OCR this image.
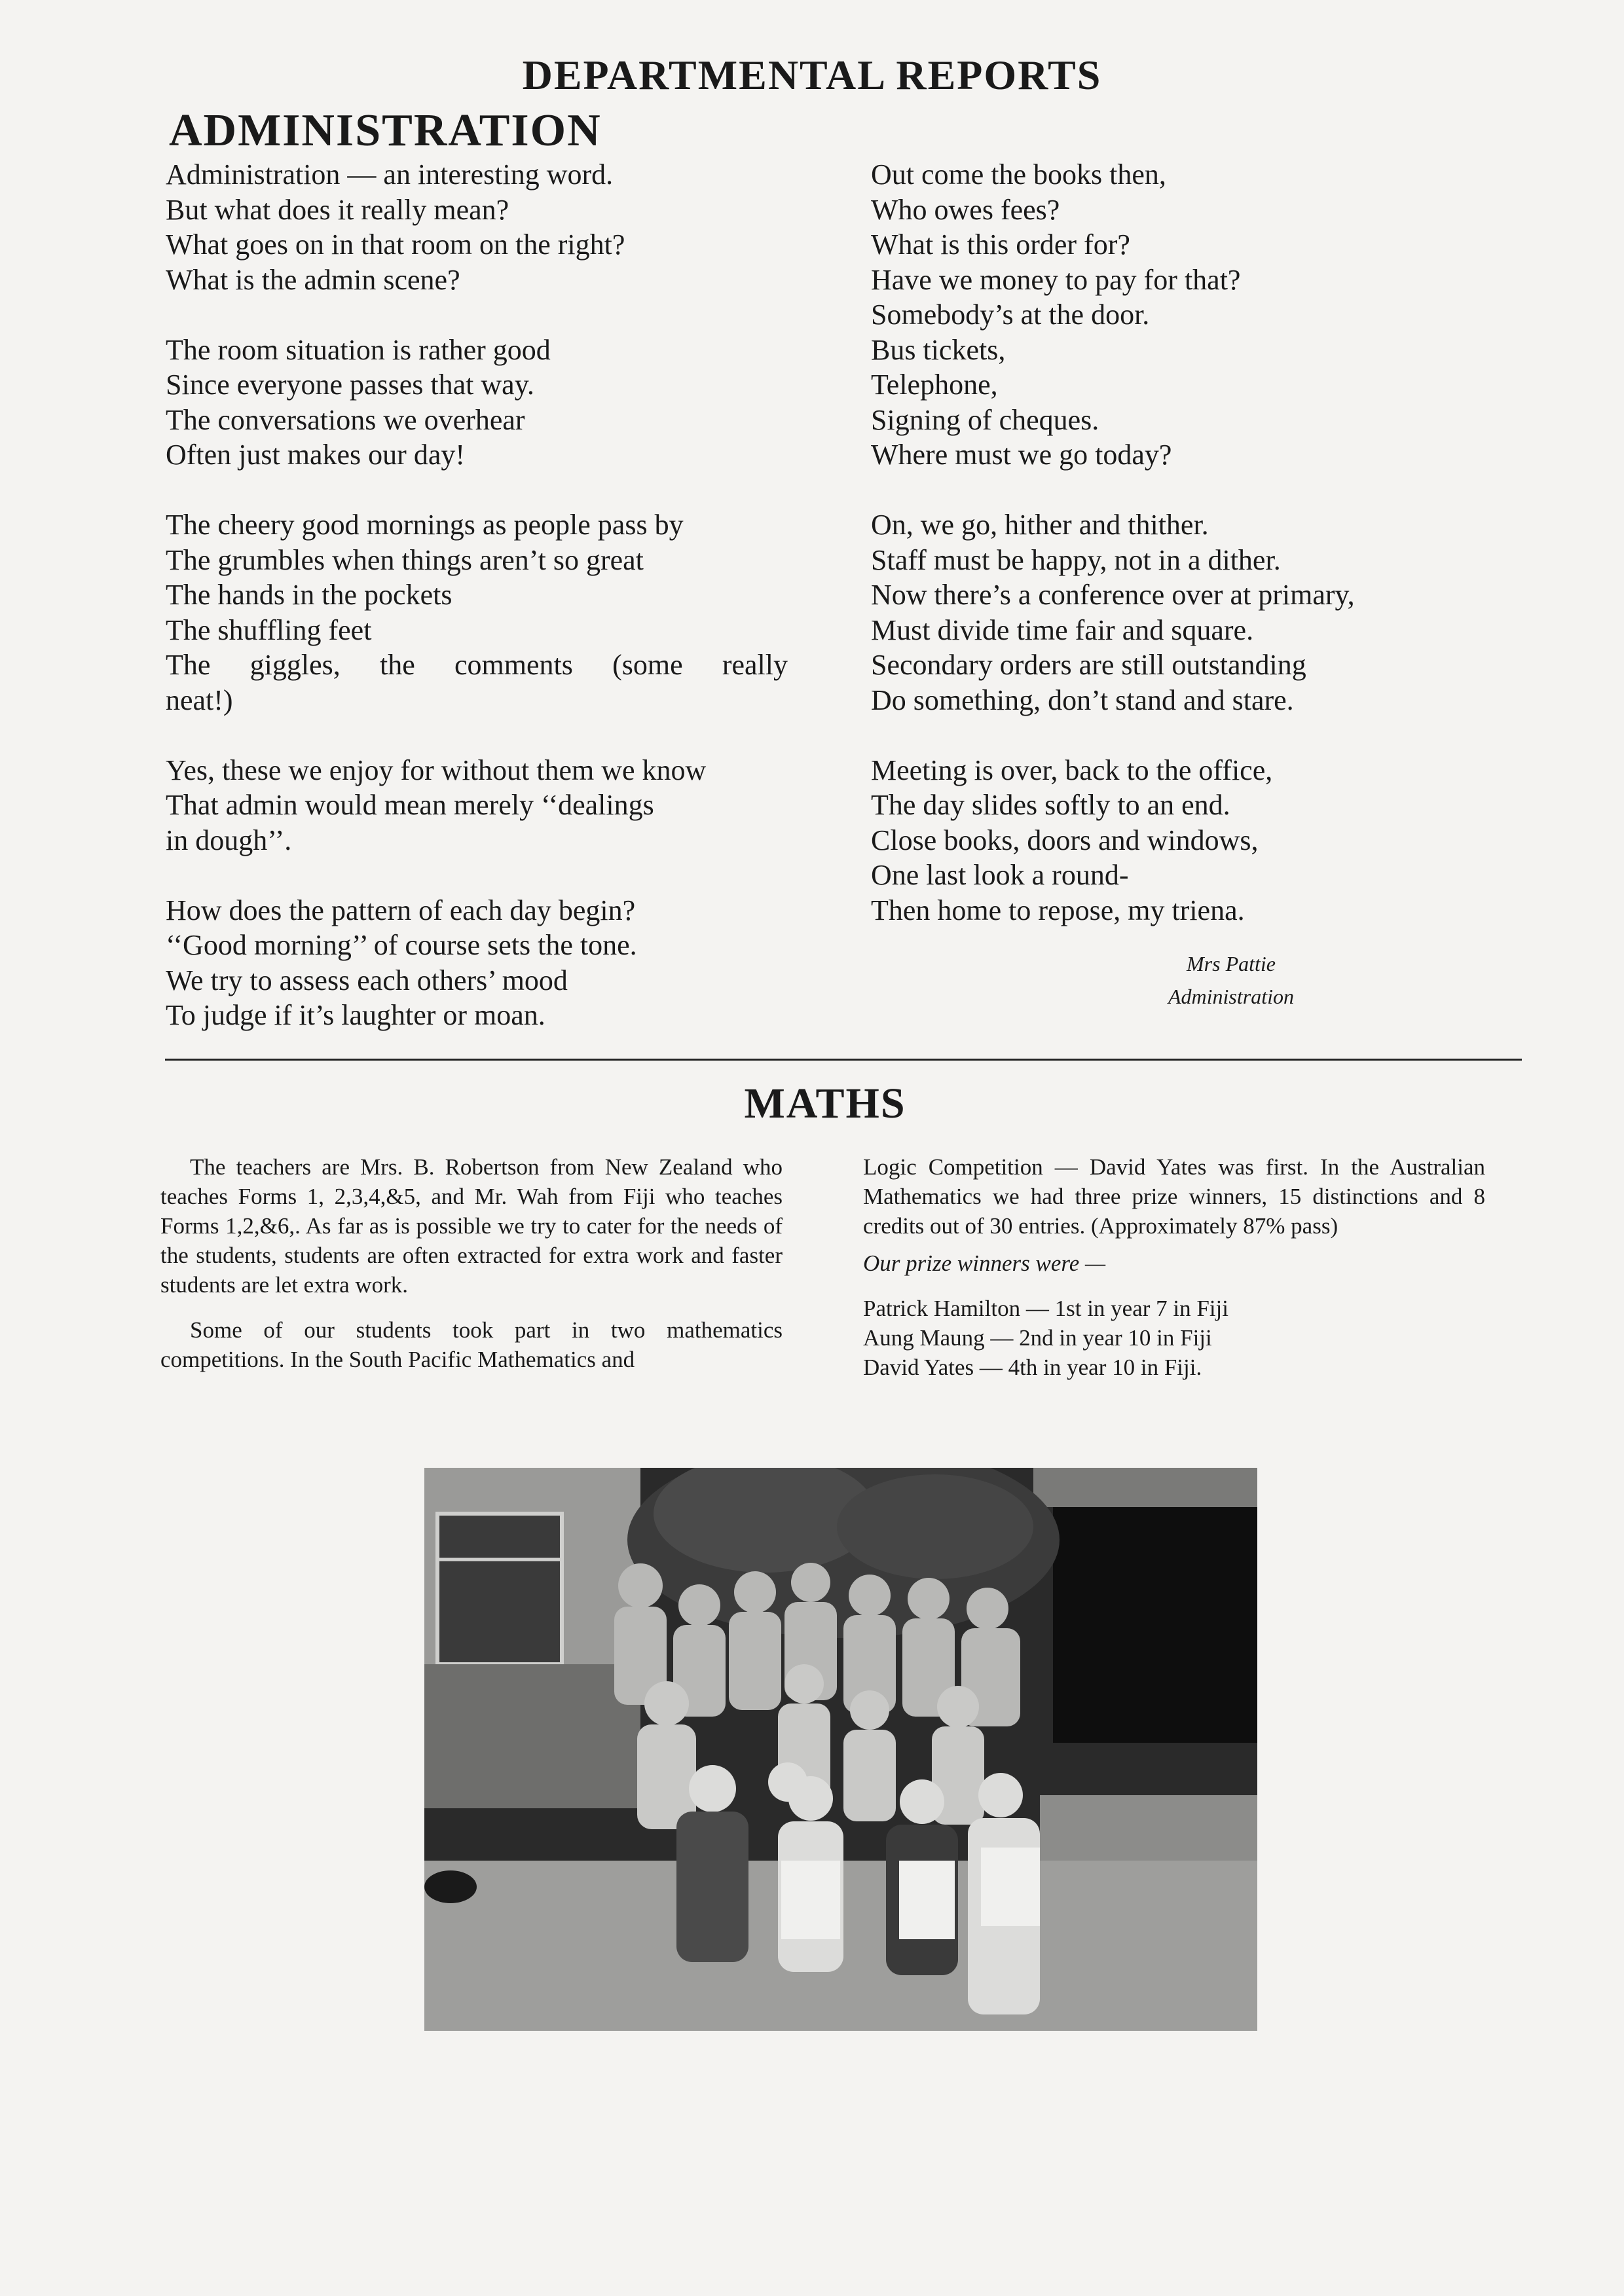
DEPARTMENTAL REPORTS
ADMINISTRATION
Administration — an interesting word.
But what does it really mean?
What goes on in that room on the right?
What is the admin scene?
The room situation is rather good
Since everyone passes that way.
The conversations we overhear
Often just makes our day!
The cheery good mornings as people pass by
The grumbles when things aren’t so great
The hands in the pockets
The shuffling feet
The giggles, the comments (some really
neat!)
Yes, these we enjoy for without them we know
That admin would mean merely ‘‘dealings
in dough’’.
How does the pattern of each day begin?
‘‘Good morning’’ of course sets the tone.
We try to assess each others’ mood
To judge if it’s laughter or moan.
Out come the books then,
Who owes fees?
What is this order for?
Have we money to pay for that?
Somebody’s at the door.
Bus tickets,
Telephone,
Signing of cheques.
Where must we go today?
On, we go, hither and thither.
Staff must be happy, not in a dither.
Now there’s a conference over at primary,
Must divide time fair and square.
Secondary orders are still outstanding
Do something, don’t stand and stare.
Meeting is over, back to the office,
The day slides softly to an end.
Close books, doors and windows,
One last look a round-
Then home to repose, my triena.
Mrs Pattie
Administration
MATHS

The teachers are Mrs. B. Robertson from New Zealand who teaches Forms 1, 2,3,4,&5, and Mr. Wah from Fiji who teaches Forms 1,2,&6,. As far as is possible we try to cater for the needs of the students, students are often extracted for extra work and faster students are let extra work.

Some of our students took part in two mathematics competitions. In the South Pacific Mathematics and

Logic Competition — David Yates was first. In the Australian Mathematics we had three prize winners, 15 distinctions and 8 credits out of 30 entries. (Approximately 87% pass)

Our prize winners were —

Patrick Hamilton — 1st in year 7 in Fiji
Aung Maung — 2nd in year 10 in Fiji
David Yates — 4th in year 10 in Fiji.
